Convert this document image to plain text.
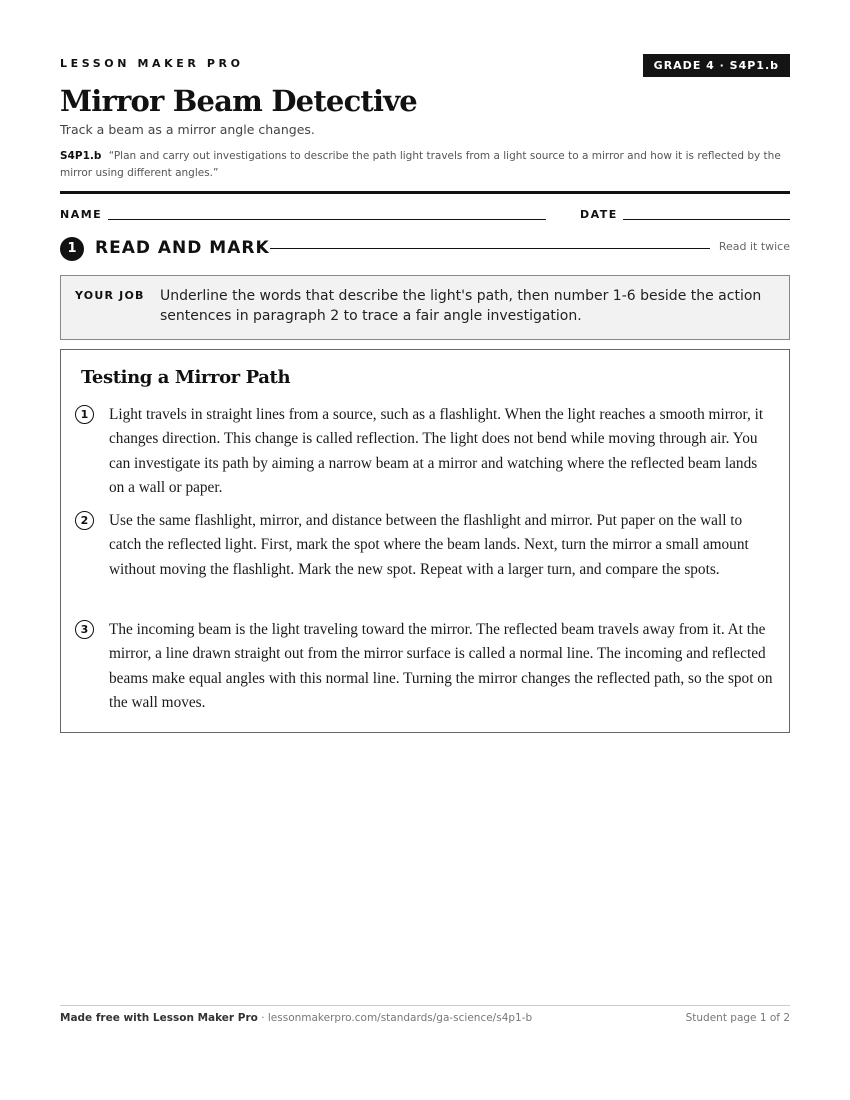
LESSON MAKER PRO	GRADE 4 · S4P1.b
Mirror Beam Detective
Track a beam as a mirror angle changes.
S4P1.b “Plan and carry out investigations to describe the path light travels from a light source to a mirror and how it is reflected by the mirror using different angles.”
NAME	DATE
1	READ AND MARK	Read it twice
YOUR JOB Underline the words that describe the light's path, then number 1-6 beside the action sentences in paragraph 2 to trace a fair angle investigation.
Testing a Mirror Path
1	Light travels in straight lines from a source, such as a flashlight. When the light reaches a smooth mirror, it changes direction. This change is called reflection. The light does not bend while moving through air. You can investigate its path by aiming a narrow beam at a mirror and watching where the reflected beam lands on a wall or paper.

2	Use the same flashlight, mirror, and distance between the flashlight and mirror. Put paper on the wall to catch the reflected light. First, mark the spot where the beam lands. Next, turn the mirror a small amount without moving the flashlight. Mark the new spot. Repeat with a larger turn, and compare the spots.

3	The incoming beam is the light traveling toward the mirror. The reflected beam travels away from it. At the mirror, a line drawn straight out from the mirror surface is called a normal line. The incoming and reflected beams make equal angles with this normal line. Turning the mirror changes the reflected path, so the spot on the wall moves.

Made free with Lesson Maker Pro · lessonmakerpro.com/standards/ga-science/s4p1-b	Student page 1 of 2
